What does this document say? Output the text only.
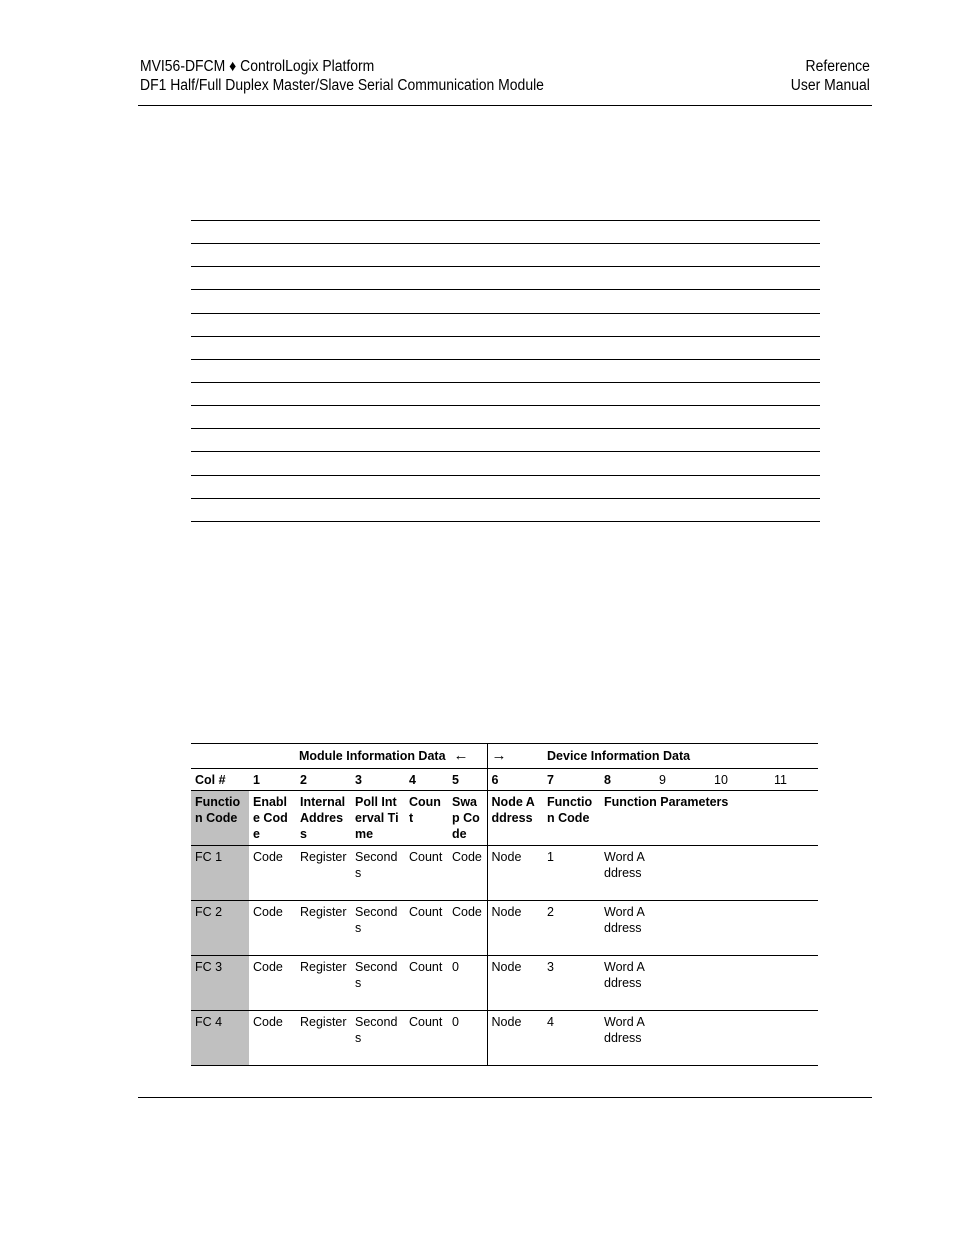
MVI56-DFCM ♦ ControlLogix Platform
DF1 Half/Full Duplex Master/Slave Serial Communication Module
Reference
User Manual
Module Information Data ←						→	Device Information Data				
Col #	1	2	3	4	5	6	7	8	9	10	11
Function Code	Enable Code	Internal Address	Poll Interval Time	Count	Swap Code	Node Address	Function Code	Function Parameters			
FC 1	Code	Register	Seconds	Count	Code	Node	1	Word Address			
FC 2	Code	Register	Seconds	Count	Code	Node	2	Word Address			
FC 3	Code	Register	Seconds	Count	0	Node	3	Word Address			
FC 4	Code	Register	Seconds	Count	0	Node	4	Word Address			
